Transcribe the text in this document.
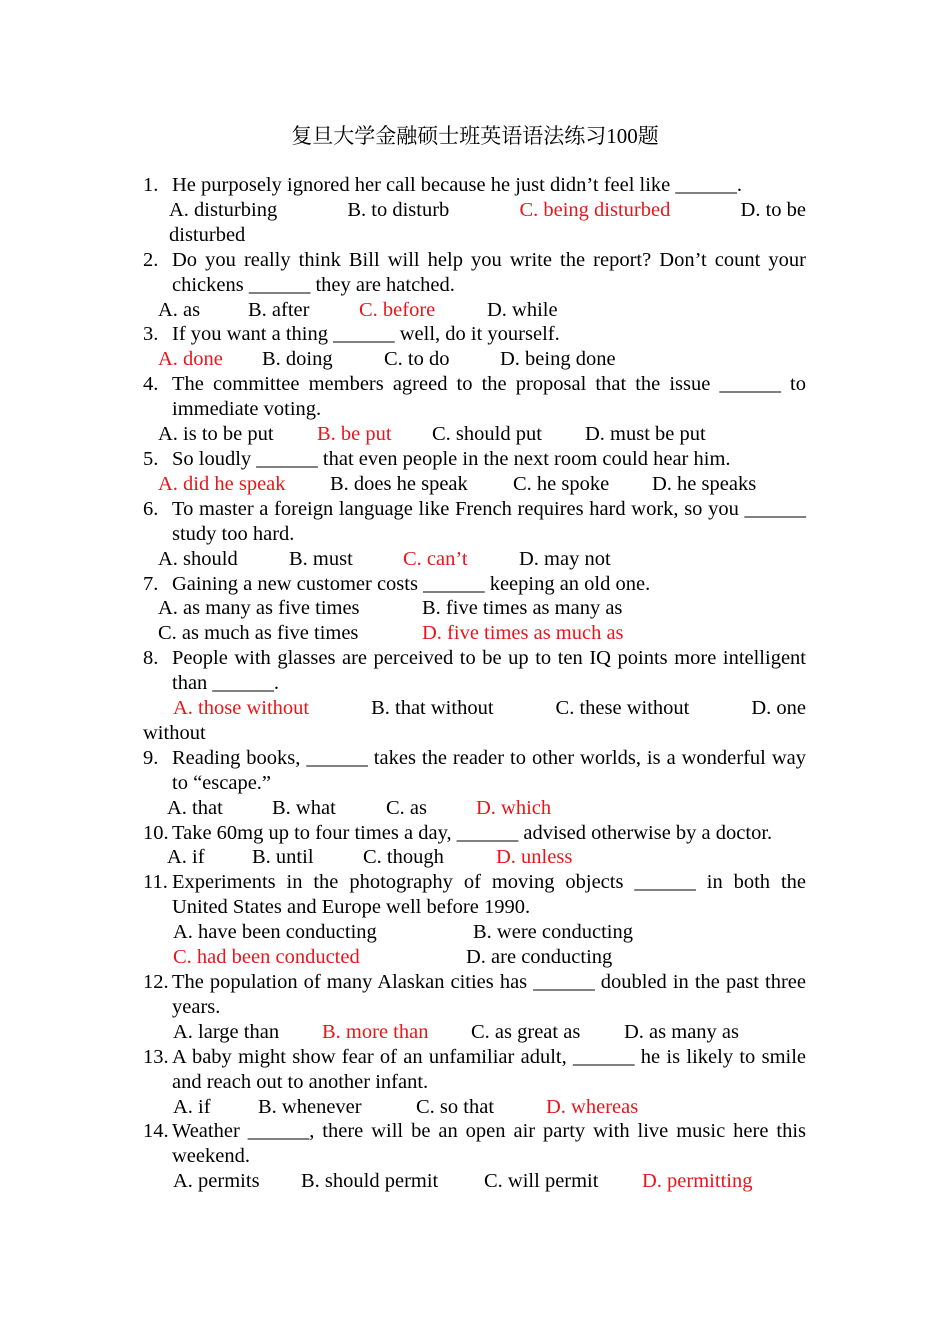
复旦大学金融硕士班英语语法练习100题
1. He purposely ignored her call because he just didn’t feel like ______.
A. disturbing	B. to disturb	C. being disturbed	D. to be
disturbed
2. Do you really think Bill will help you write the report? Don’t count your chickens ______ they are hatched.
A. as	B. after	C. before	D. while
3. If you want a thing ______ well, do it yourself.
A. done	B. doing	C. to do	D. being done
4. The committee members agreed to the proposal that the issue ______ to immediate voting.
A. is to be put	B. be put	C. should put	D. must be put
5. So loudly ______ that even people in the next room could hear him.
A. did he speak	B. does he speak	C. he spoke	D. he speaks
6. To master a foreign language like French requires hard work, so you ______ study too hard.
A. should	B. must	C. can’t	D. may not
7. Gaining a new customer costs ______ keeping an old one.
A. as many as five times	B. five times as many as
C. as much as five times	D. five times as much as
8. People with glasses are perceived to be up to ten IQ points more intelligent than ______.
A. those without	B. that without	C. these without	D. one
without
9. Reading books, ______ takes the reader to other worlds, is a wonderful way to “escape.”
A. that	B. what	C. as	D. which
10. Take 60mg up to four times a day, ______ advised otherwise by a doctor.
A. if	B. until	C. though	D. unless
11. Experiments in the photography of moving objects ______ in both the United States and Europe well before 1990.
A. have been conducting	B. were conducting
C. had been conducted	D. are conducting
12. The population of many Alaskan cities has ______ doubled in the past three years.
A. large than	B. more than	C. as great as	D. as many as
13. A baby might show fear of an unfamiliar adult, ______ he is likely to smile and reach out to another infant.
A. if	B. whenever	C. so that	D. whereas
14. Weather ______, there will be an open air party with live music here this weekend.
A. permits	B. should permit	C. will permit	D. permitting
